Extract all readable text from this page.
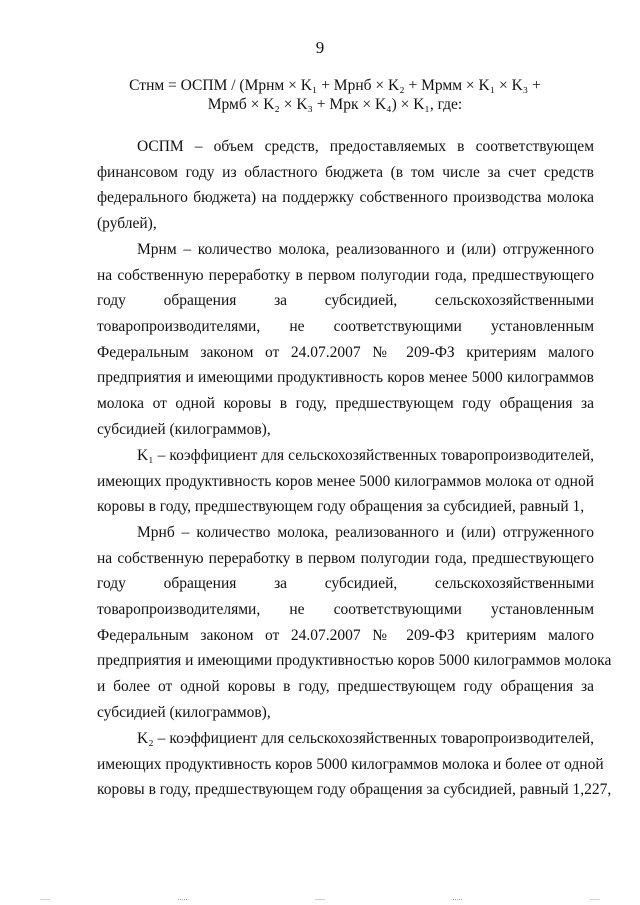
9
Стнм = ОСПМ / (Мрнм × K₁ + Мрнб × K₂ + Мрмм × K₁ × K₃ +
Мрмб × K₂ × K₃ + Мрк × K₄) × K₁, где:
ОСПМ – объем средств, предоставляемых в соответствующем
финансовом году из областного бюджета (в том числе за счет средств
федерального бюджета) на поддержку собственного производства молока
(рублей),
Мрнм – количество молока, реализованного и (или) отгруженного
на собственную переработку в первом полугодии года, предшествующего
году обращения за субсидией, сельскохозяйственными
товаропроизводителями, не соответствующими установленным
Федеральным законом от 24.07.2007 № 209-ФЗ критериям малого
предприятия и имеющими продуктивность коров менее 5000 килограммов
молока от одной коровы в году, предшествующем году обращения за
субсидией (килограммов),
K₁ – коэффициент для сельскохозяйственных товаропроизводителей,
имеющих продуктивность коров менее 5000 килограммов молока от одной
коровы в году, предшествующем году обращения за субсидией, равный 1,
Мрнб – количество молока, реализованного и (или) отгруженного
на собственную переработку в первом полугодии года, предшествующего
году обращения за субсидией, сельскохозяйственными
товаропроизводителями, не соответствующими установленным
Федеральным законом от 24.07.2007 № 209-ФЗ критериям малого
предприятия и имеющими продуктивностью коров 5000 килограммов молока
и более от одной коровы в году, предшествующем году обращения за
субсидией (килограммов),
K₂ – коэффициент для сельскохозяйственных товаропроизводителей,
имеющих продуктивность коров 5000 килограммов молока и более от одной
коровы в году, предшествующем году обращения за субсидией, равный 1,227,
.....	.....	.....	.....	.....
